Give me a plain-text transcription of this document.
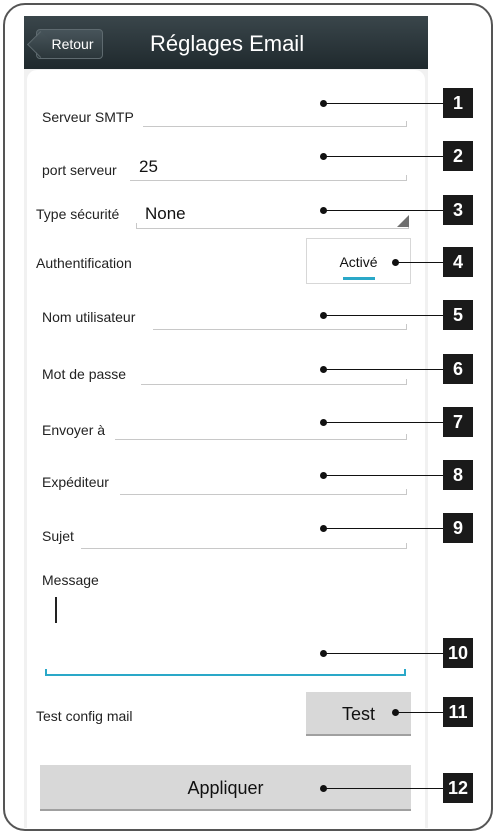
Retour	Réglages Email
Serveur SMTP
port serveur 25
Type sécurité None
Authentification	Activé
Nom utilisateur
Mot de passe
Envoyer à
Expéditeur
Sujet
Message
Test config mail	Test
Appliquer
1
2
3
4
5
6
7
8
9
10
11
12
